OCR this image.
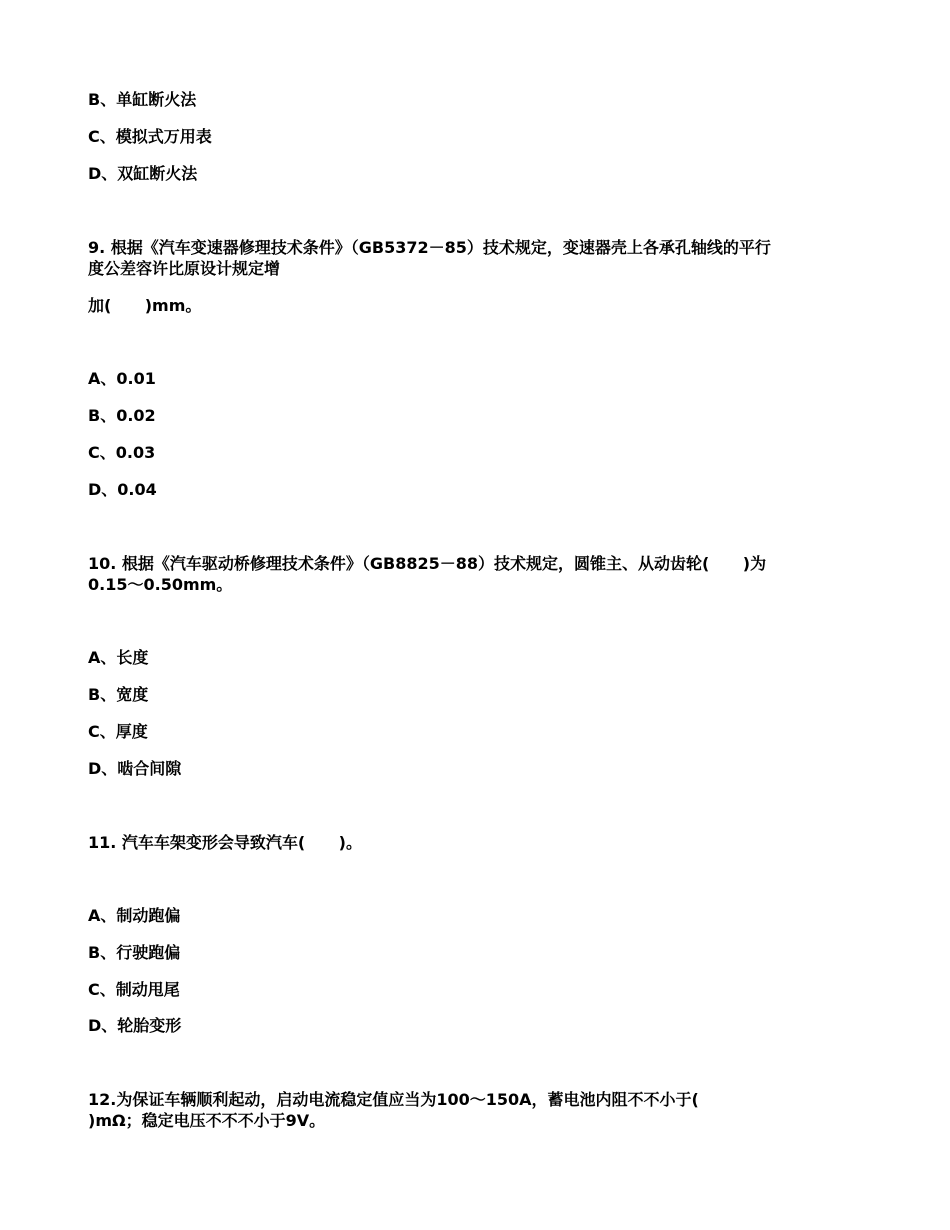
B、单缸断火法
C、模拟式万用表
D、双缸断火法
9. 根据《汽车变速器修理技术条件》（GB5372－85）技术规定，变速器壳上各承孔轴线的平行
度公差容许比原设计规定增
加(      )mm。
A、0.01
B、0.02
C、0.03
D、0.04
10. 根据《汽车驱动桥修理技术条件》（GB8825－88）技术规定，圆锥主、从动齿轮(      )为
0.15～0.50mm。
A、长度
B、宽度
C、厚度
D、啮合间隙
11. 汽车车架变形会导致汽车(      )。
A、制动跑偏
B、行驶跑偏
C、制动甩尾
D、轮胎变形
12.为保证车辆顺利起动，启动电流稳定值应当为100～150A，蓄电池内阻不不小于(
)mΩ；稳定电压不不不小于9V。
